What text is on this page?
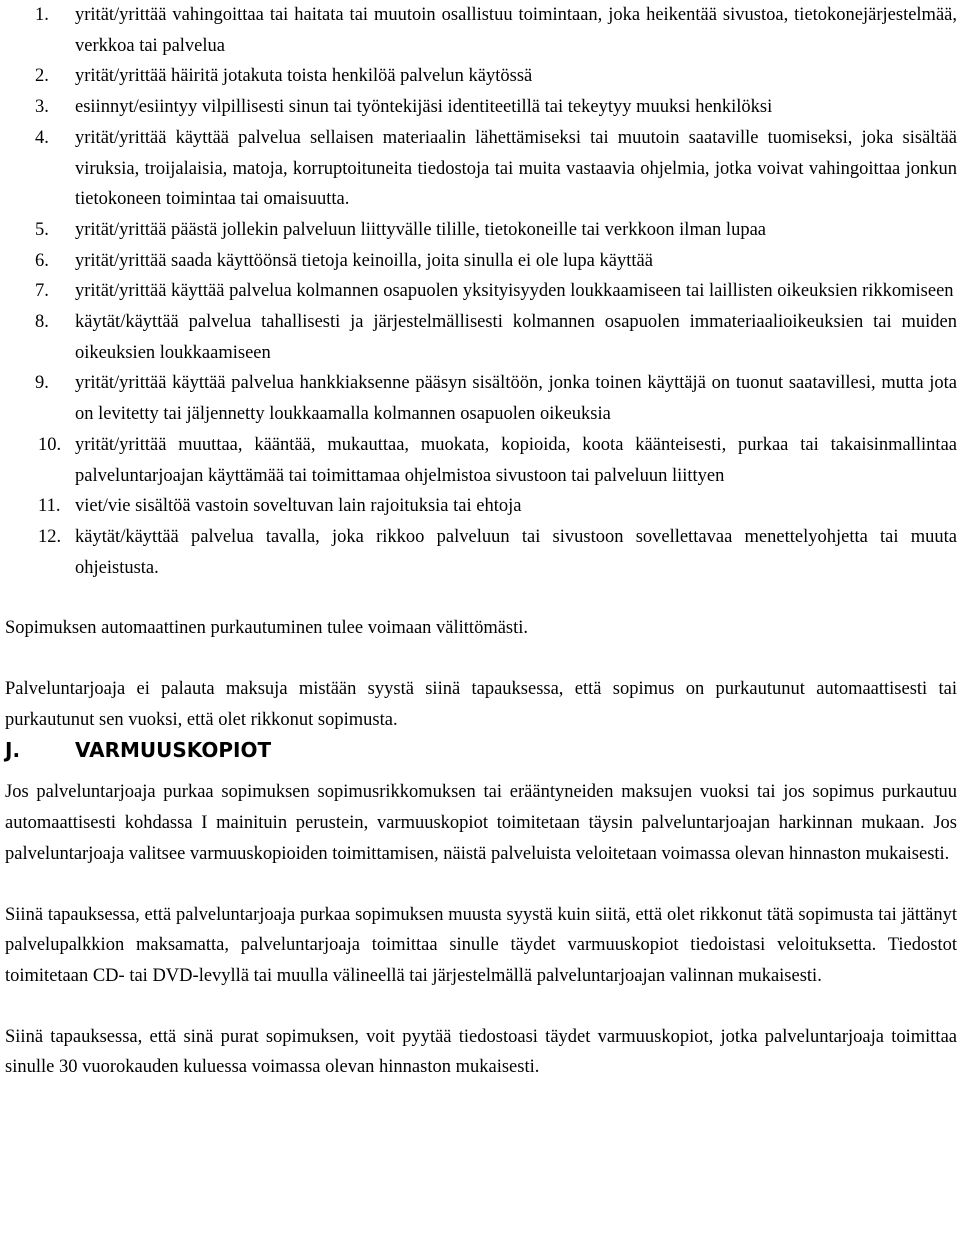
1. yrität/yrittää vahingoittaa tai haitata tai muutoin osallistuu toimintaan, joka heikentää sivustoa, tietokonejärjestelmää, verkkoa tai palvelua
2. yrität/yrittää häiritä jotakuta toista henkilöä palvelun käytössä
3. esiinnyt/esiintyy vilpillisesti sinun tai työntekijäsi identiteetillä tai tekeytyy muuksi henkilöksi
4. yrität/yrittää käyttää palvelua sellaisen materiaalin lähettämiseksi tai muutoin saataville tuomiseksi, joka sisältää viruksia, troijalaisia, matoja, korruptoituneita tiedostoja tai muita vastaavia ohjelmia, jotka voivat vahingoittaa jonkun tietokoneen toimintaa tai omaisuutta.
5. yrität/yrittää päästä jollekin palveluun liittyvälle tilille, tietokoneille tai verkkoon ilman lupaa
6. yrität/yrittää saada käyttöönsä tietoja keinoilla, joita sinulla ei ole lupa käyttää
7. yrität/yrittää käyttää palvelua kolmannen osapuolen yksityisyyden loukkaamiseen tai laillisten oikeuksien rikkomiseen
8. käytät/käyttää palvelua tahallisesti ja järjestelmällisesti kolmannen osapuolen immateriaalioikeuksien tai muiden oikeuksien loukkaamiseen
9. yrität/yrittää käyttää palvelua hankkiaksenne pääsyn sisältöön, jonka toinen käyttäjä on tuonut saatavillesi, mutta jota on levitetty tai jäljennetty loukkaamalla kolmannen osapuolen oikeuksia
10. yrität/yrittää muuttaa, kääntää, mukauttaa, muokata, kopioida, koota käänteisesti, purkaa tai takaisinmallintaa palveluntarjoajan käyttämää tai toimittamaa ohjelmistoa sivustoon tai palveluun liittyen
11. viet/vie sisältöä vastoin soveltuvan lain rajoituksia tai ehtoja
12. käytät/käyttää palvelua tavalla, joka rikkoo palveluun tai sivustoon sovellettavaa menettelyohjetta tai muuta ohjeistusta.

Sopimuksen automaattinen purkautuminen tulee voimaan välittömästi.

Palveluntarjoaja ei palauta maksuja mistään syystä siinä tapauksessa, että sopimus on purkautunut automaattisesti tai purkautunut sen vuoksi, että olet rikkonut sopimusta.

J.	VARMUUSKOPIOT

Jos palveluntarjoaja purkaa sopimuksen sopimusrikkomuksen tai erääntyneiden maksujen vuoksi tai jos sopimus purkautuu automaattisesti kohdassa I mainituin perustein, varmuuskopiot toimitetaan täysin palveluntarjoajan harkinnan mukaan. Jos palveluntarjoaja valitsee varmuuskopioiden toimittamisen, näistä palveluista veloitetaan voimassa olevan hinnaston mukaisesti.

Siinä tapauksessa, että palveluntarjoaja purkaa sopimuksen muusta syystä kuin siitä, että olet rikkonut tätä sopimusta tai jättänyt palvelupalkkion maksamatta, palveluntarjoaja toimittaa sinulle täydet varmuuskopiot tiedoistasi veloituksetta. Tiedostot toimitetaan CD- tai DVD-levyllä tai muulla välineellä tai järjestelmällä palveluntarjoajan valinnan mukaisesti.

Siinä tapauksessa, että sinä purat sopimuksen, voit pyytää tiedostoasi täydet varmuuskopiot, jotka palveluntarjoaja toimittaa sinulle 30 vuorokauden kuluessa voimassa olevan hinnaston mukaisesti.
